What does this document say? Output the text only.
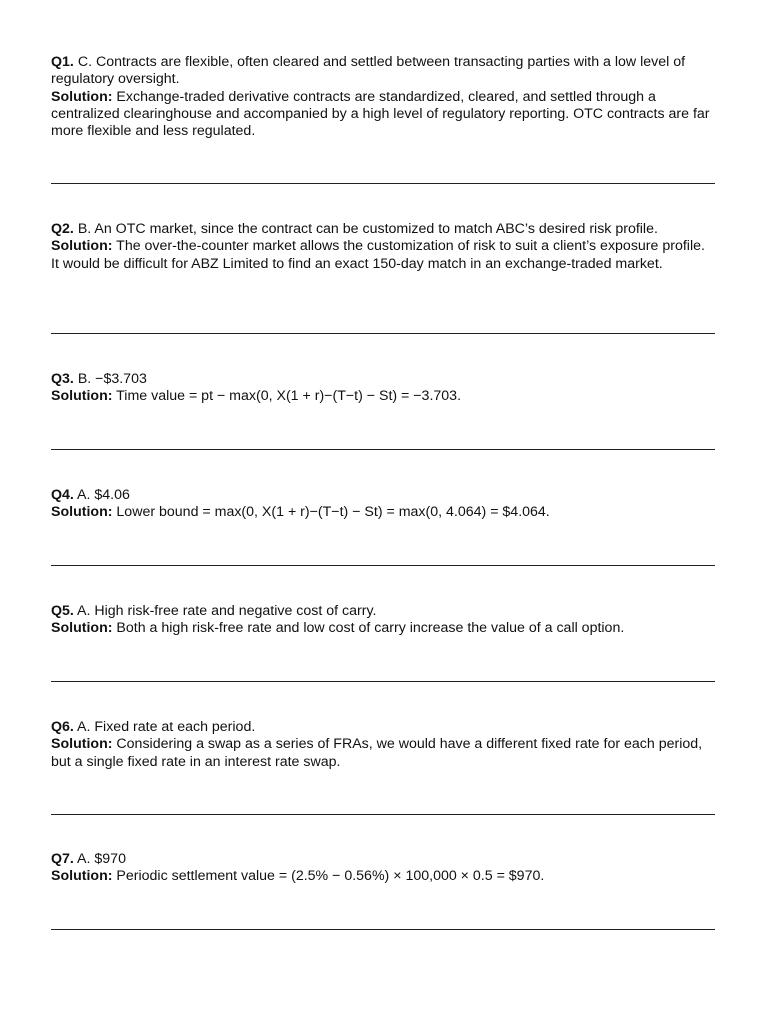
Q1. C. Contracts are flexible, often cleared and settled between transacting parties with a low level of regulatory oversight.

Solution: Exchange-traded derivative contracts are standardized, cleared, and settled through a centralized clearinghouse and accompanied by a high level of regulatory reporting. OTC contracts are far more flexible and less regulated.

Q2. B. An OTC market, since the contract can be customized to match ABC’s desired risk profile.

Solution: The over-the-counter market allows the customization of risk to suit a client’s exposure profile. It would be difficult for ABZ Limited to find an exact 150-day match in an exchange-traded market.

Q3. B. −$3.703

Solution: Time value = pt − max(0, X(1 + r)−(T−t) − St) = −3.703.

Q4. A. $4.06

Solution: Lower bound = max(0, X(1 + r)−(T−t) − St) = max(0, 4.064) = $4.064.

Q5. A. High risk-free rate and negative cost of carry.

Solution: Both a high risk-free rate and low cost of carry increase the value of a call option.

Q6. A. Fixed rate at each period.

Solution: Considering a swap as a series of FRAs, we would have a different fixed rate for each period, but a single fixed rate in an interest rate swap.

Q7. A. $970

Solution: Periodic settlement value = (2.5% − 0.56%) × 100,000 × 0.5 = $970.
